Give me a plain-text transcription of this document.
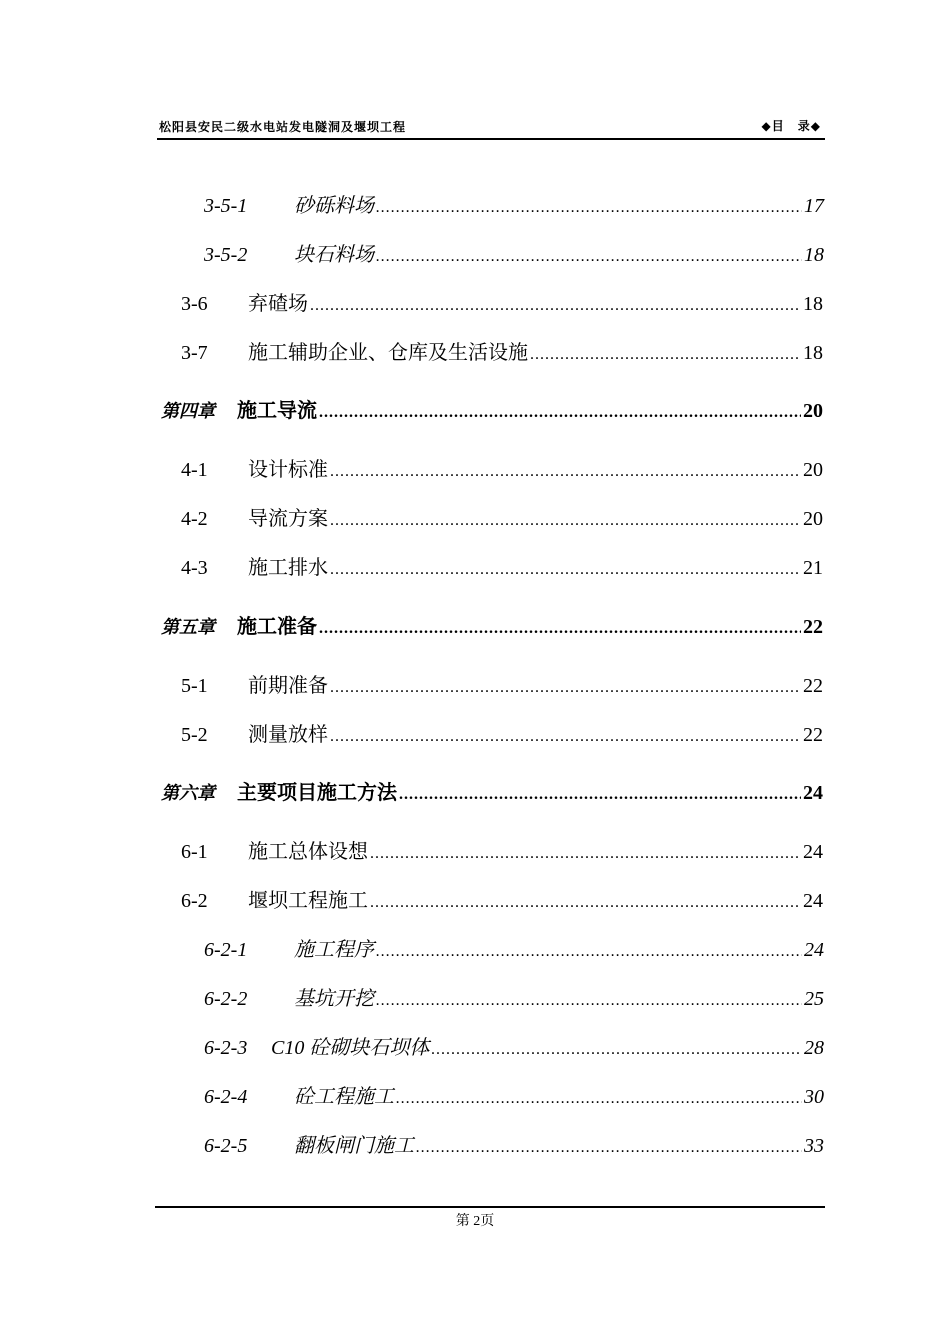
松阳县安民二级水电站发电隧洞及堰坝工程	◆目　录◆
3-5-1	砂砾料场 .....	17
3-5-2	块石料场 .....	18
3-6	弃碴场 .....	18
3-7	施工辅助企业、仓库及生活设施 .....	18
第四章	施工导流 .....	20
4-1	设计标准 .....	20
4-2	导流方案 .....	20
4-3	施工排水 .....	21
第五章	施工准备 .....	22
5-1	前期准备 .....	22
5-2	测量放样 .....	22
第六章	主要项目施工方法 .....	24
6-1	施工总体设想 .....	24
6-2	堰坝工程施工 .....	24
6-2-1	施工程序 .....	24
6-2-2	基坑开挖 .....	25
6-2-3	C10 砼砌块石坝体 .....	28
6-2-4	砼工程施工 .....	30
6-2-5	翻板闸门施工 .....	33
第 2页
